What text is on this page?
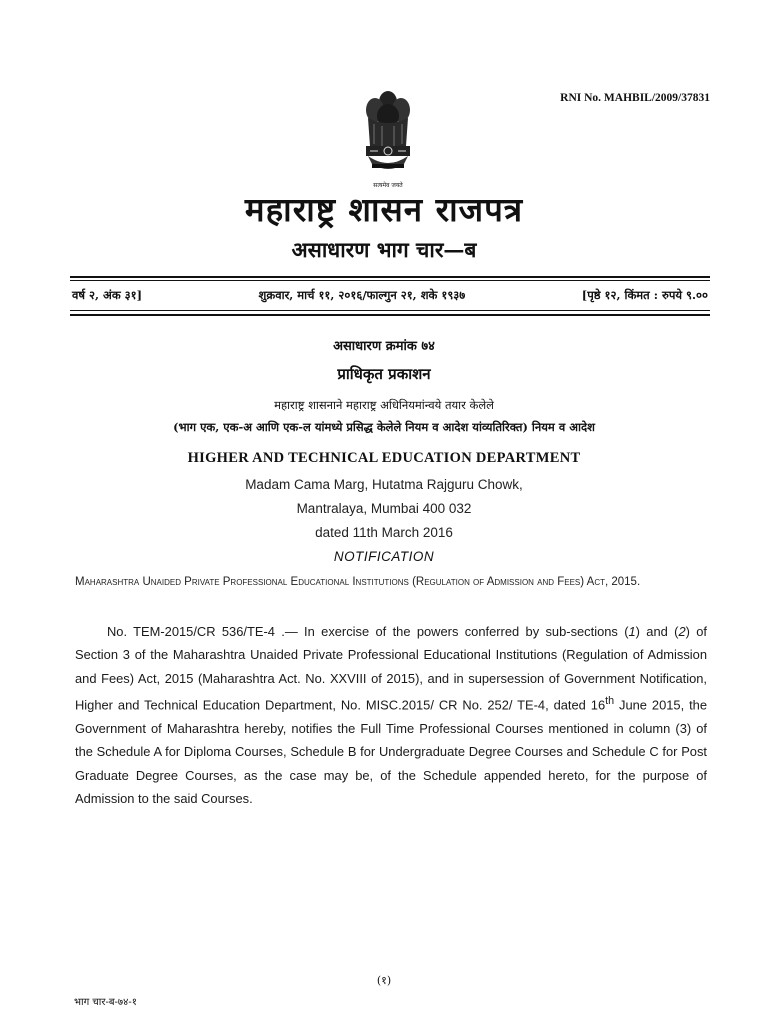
RNI No. MAHBIL/2009/37831
सत्यमेव जयते
महाराष्ट्र शासन राजपत्र
असाधारण भाग चार—ब
वर्ष २, अंक ३१]	शुक्रवार, मार्च ११, २०१६/फाल्गुन २१, शके १९३७	[पृष्ठे १२, किंमत : रुपये ९.००
असाधारण क्रमांक ७४
प्राधिकृत प्रकाशन
महाराष्ट्र शासनाने महाराष्ट्र अधिनियमांन्वये तयार केलेले
(भाग एक, एक-अ आणि एक-ल यांमध्ये प्रसिद्ध केलेले नियम व आदेश यांव्यतिरिक्त) नियम व आदेश
HIGHER AND TECHNICAL EDUCATION DEPARTMENT
Madam Cama Marg, Hutatma Rajguru Chowk,
Mantralaya, Mumbai 400 032
dated 11th March 2016
NOTIFICATION
Maharashtra Unaided Private Professional Educational Institutions (Regulation of Admission and Fees) Act, 2015.
No. TEM-2015/CR 536/TE-4 .— In exercise of the powers conferred by sub-sections (1) and (2) of Section 3 of the Maharashtra Unaided Private Professional Educational Institutions (Regulation of Admission and Fees) Act, 2015 (Maharashtra Act. No. XXVIII of 2015), and in supersession of Government Notification, Higher and Technical Education Department, No. MISC.2015/ CR No. 252/ TE-4, dated 16th June 2015, the Government of Maharashtra hereby, notifies the Full Time Professional Courses mentioned in column (3) of the Schedule A for Diploma Courses, Schedule B for Undergraduate Degree Courses and Schedule C for Post Graduate Degree Courses, as the case may be, of the Schedule appended hereto, for the purpose of Admission to the said Courses.
(१)
भाग चार-ब-७४-१
